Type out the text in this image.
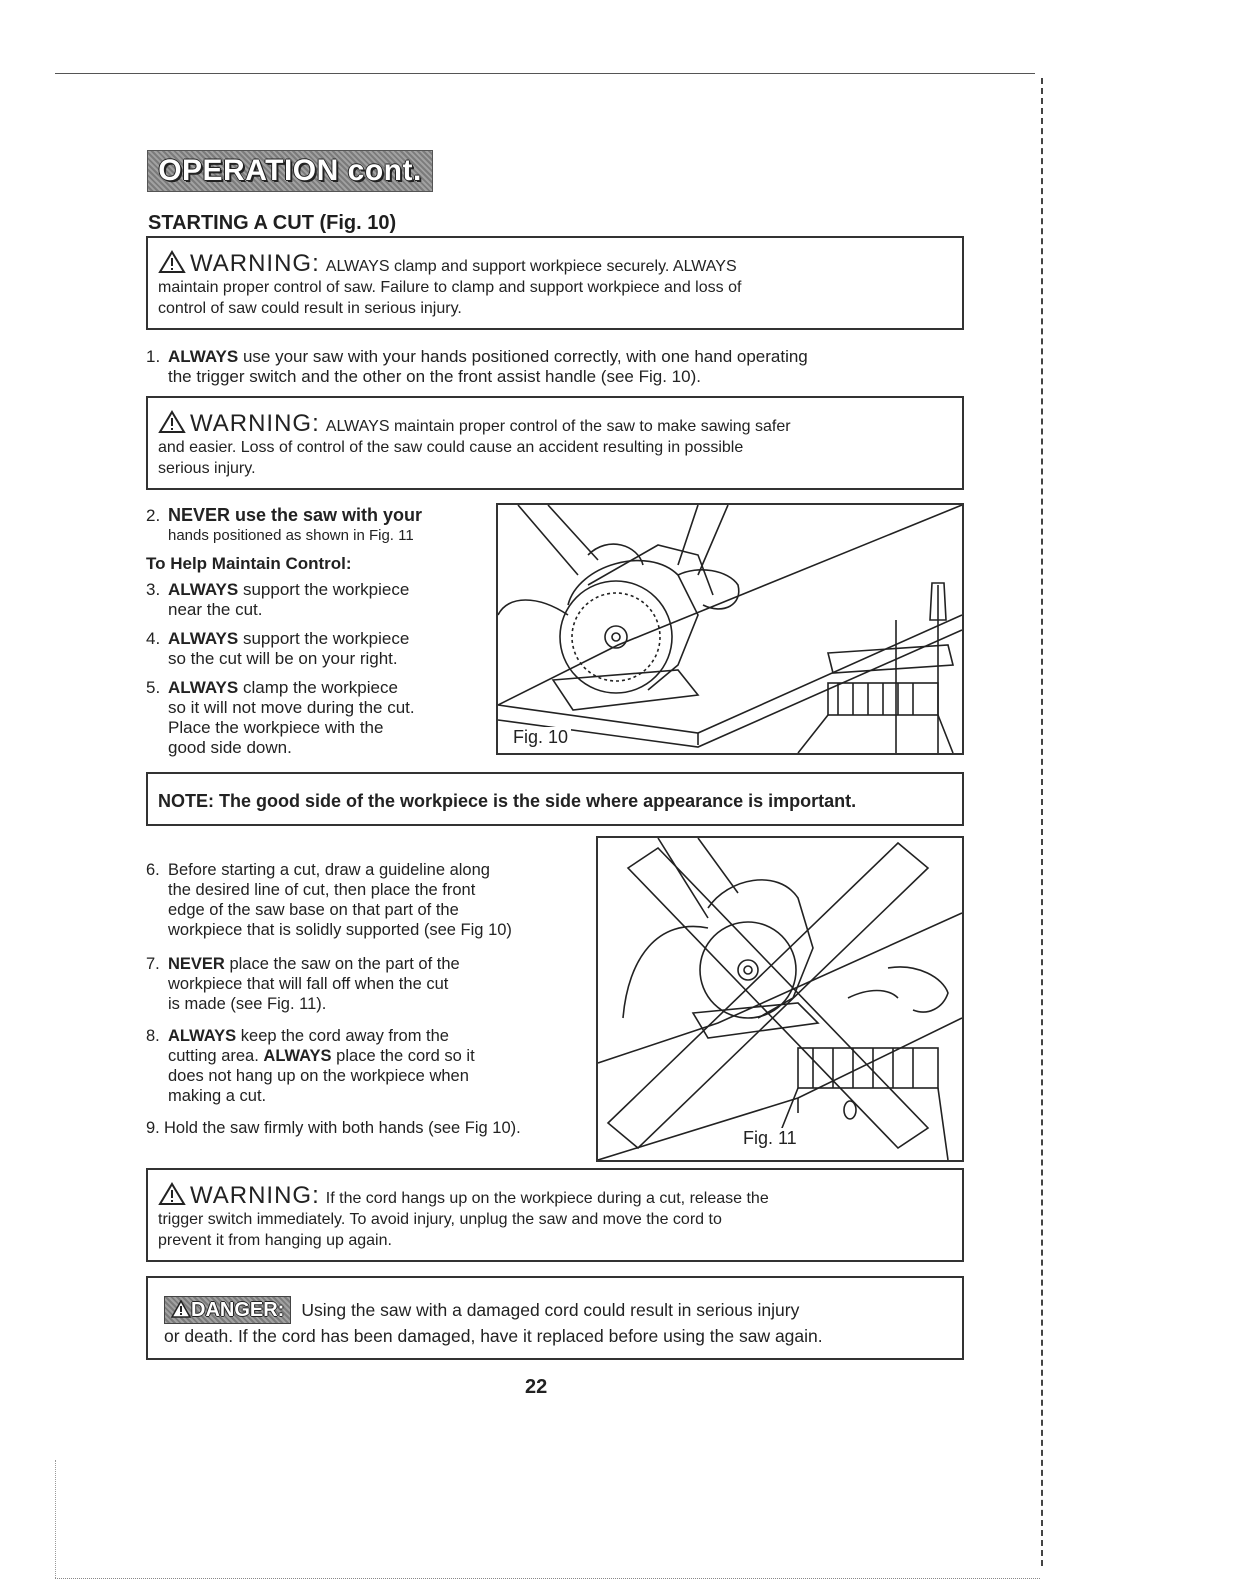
OPERATION cont.
STARTING A CUT (Fig. 10)
WARNING: ALWAYS clamp and support workpiece securely. ALWAYS
maintain proper control of saw. Failure to clamp and support workpiece and loss of
control of saw could result in serious injury.
1. ALWAYS use your saw with your hands positioned correctly, with one hand operating
the trigger switch and the other on the front assist handle (see Fig. 10).
WARNING: ALWAYS maintain proper control of the saw to make sawing safer
and easier. Loss of control of the saw could cause an accident resulting in possible
serious injury.
2. NEVER use the saw with your
hands positioned as shown in Fig. 11
To Help Maintain Control:
3. ALWAYS support the workpiece
near the cut.
4. ALWAYS support the workpiece
so the cut will be on your right.
5. ALWAYS clamp the workpiece
so it will not move during the cut.
Place the workpiece with the
good side down.
Fig. 10
NOTE: The good side of the workpiece is the side where appearance is important.
6. Before starting a cut, draw a guideline along
the desired line of cut, then place the front
edge of the saw base on that part of the
workpiece that is solidly supported (see Fig 10)
7. NEVER place the saw on the part of the
workpiece that will fall off when the cut
is made (see Fig. 11).
8. ALWAYS keep the cord away from the
cutting area. ALWAYS place the cord so it
does not hang up on the workpiece when
making a cut.
9. Hold the saw firmly with both hands (see Fig 10).	Fig. 11
WARNING: If the cord hangs up on the workpiece during a cut, release the
trigger switch immediately. To avoid injury, unplug the saw and move the cord to
prevent it from hanging up again.
DANGER: Using the saw with a damaged cord could result in serious injury
or death. If the cord has been damaged, have it replaced before using the saw again.
22
